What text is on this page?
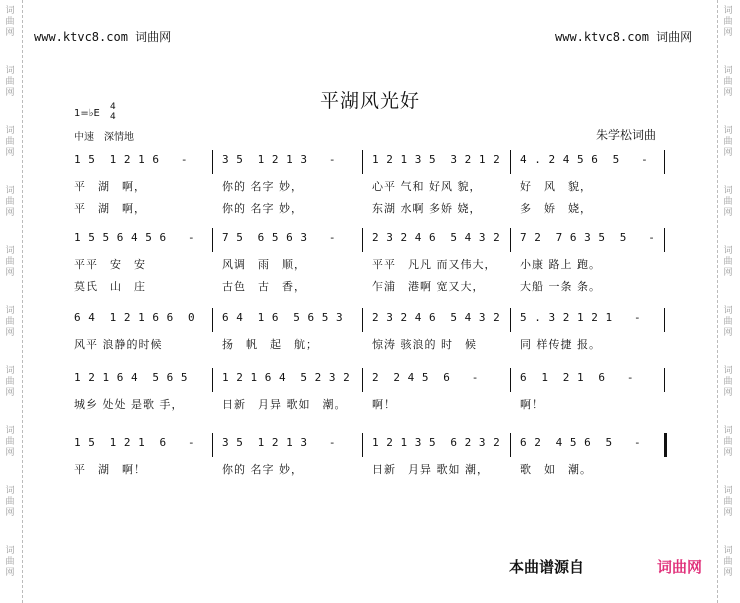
词
曲
网
词
曲
网
词
曲
网
词
曲
网
词
曲
网
词
曲
网
词
曲
网
词
曲
网
词
曲
网
词
曲
网
词
曲
网
词
曲
网
词
曲
网
词
曲
网
词
曲
网
词
曲
网
词
曲
网
词
曲
网
词
曲
网
词
曲
网
www.ktvc8.com 词曲网	www.ktvc8.com 词曲网
平湖风光好
1=♭E
4
4
中速　深情地	朱学松词曲
1 5  1 2 1 6   -
平　湖　啊，
平　湖　啊，
3 5  1 2 1 3   -
你的 名字 妙，
你的 名字 妙，
1 2 1 3 5  3 2 1 2
心平 气和 好风 貌，
东湖 水啊 多娇 娆，
4 . 2 4 5 6  5   -
好　风　貌，
多　娇　娆，
1 5 5 6 4 5 6   -
平平　安　安
莫氏　山　庄
7 5  6 5 6 3   -
风调　雨　顺，
古色　古　香，
2 3 2 4 6  5 4 3 2
平平　凡凡 而又伟大，
乍浦　港啊 宽又大，
7 2  7 6 3 5  5   -
小康 路上 跑。
大船 一条 条。
6 4  1 2 1 6 6  0
风平 浪静的时候
6 4  1 6  5 6 5 3
扬　帆　起　航；
2 3 2 4 6  5 4 3 2
惊涛 骇浪的 时　候
5 . 3 2 1 2 1   -
同 样传捷 报。
1 2 1 6 4  5 6 5
城乡 处处 是歌 手，
1 2 1 6 4  5 2 3 2
日新　月异 歌如　潮。
2  2 4 5  6   -
啊！
6  1  2 1  6   -
啊！
1 5  1 2 1  6   -
平　湖　啊！
3 5  1 2 1 3   -
你的 名字 妙，
1 2 1 3 5  6 2 3 2
日新　月异 歌如 潮，
6 2  4 5 6  5   -
歌　如　潮。
本曲谱源自	词曲网
